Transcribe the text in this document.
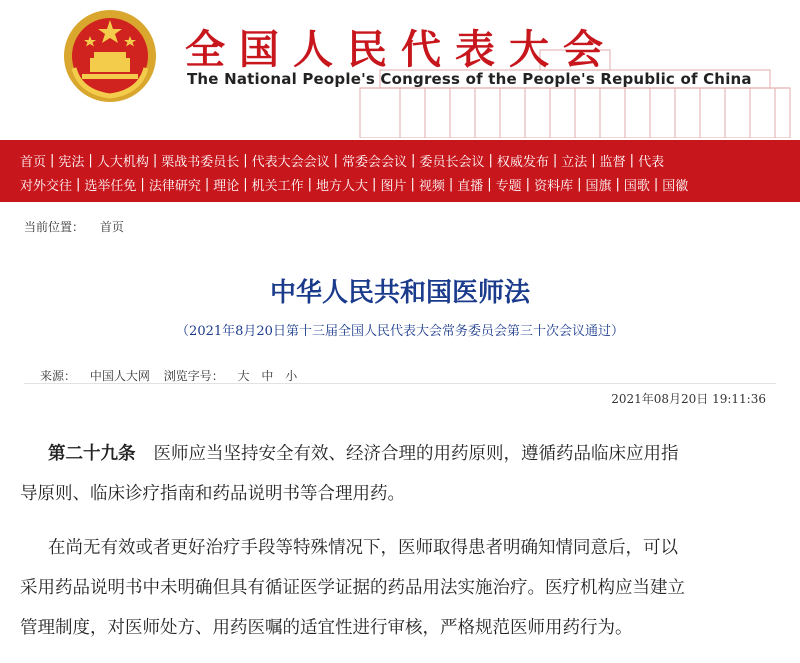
全国人民代表大会
The National People's Congress of the People's Republic of China
首页 | 宪法 | 人大机构 | 栗战书委员长 | 代表大会会议 | 常委会会议 | 委员长会议 | 权威发布 | 立法 | 监督 | 代表
对外交往 | 选举任免 | 法律研究 | 理论 | 机关工作 | 地方人大 | 图片 | 视频 | 直播 | 专题 | 资料库 | 国旗 | 国歌 | 国徽
当前位置： 首页
中华人民共和国医师法
（2021年8月20日第十三届全国人民代表大会常务委员会第三十次会议通过）
来源： 中国人大网 浏览字号： 大 中 小
2021年08月20日 19:11:36
第二十九条 医师应当坚持安全有效、经济合理的用药原则，遵循药品临床应用指
导原则、临床诊疗指南和药品说明书等合理用药。
在尚无有效或者更好治疗手段等特殊情况下，医师取得患者明确知情同意后，可以
采用药品说明书中未明确但具有循证医学证据的药品用法实施治疗。医疗机构应当建立
管理制度，对医师处方、用药医嘱的适宜性进行审核，严格规范医师用药行为。
